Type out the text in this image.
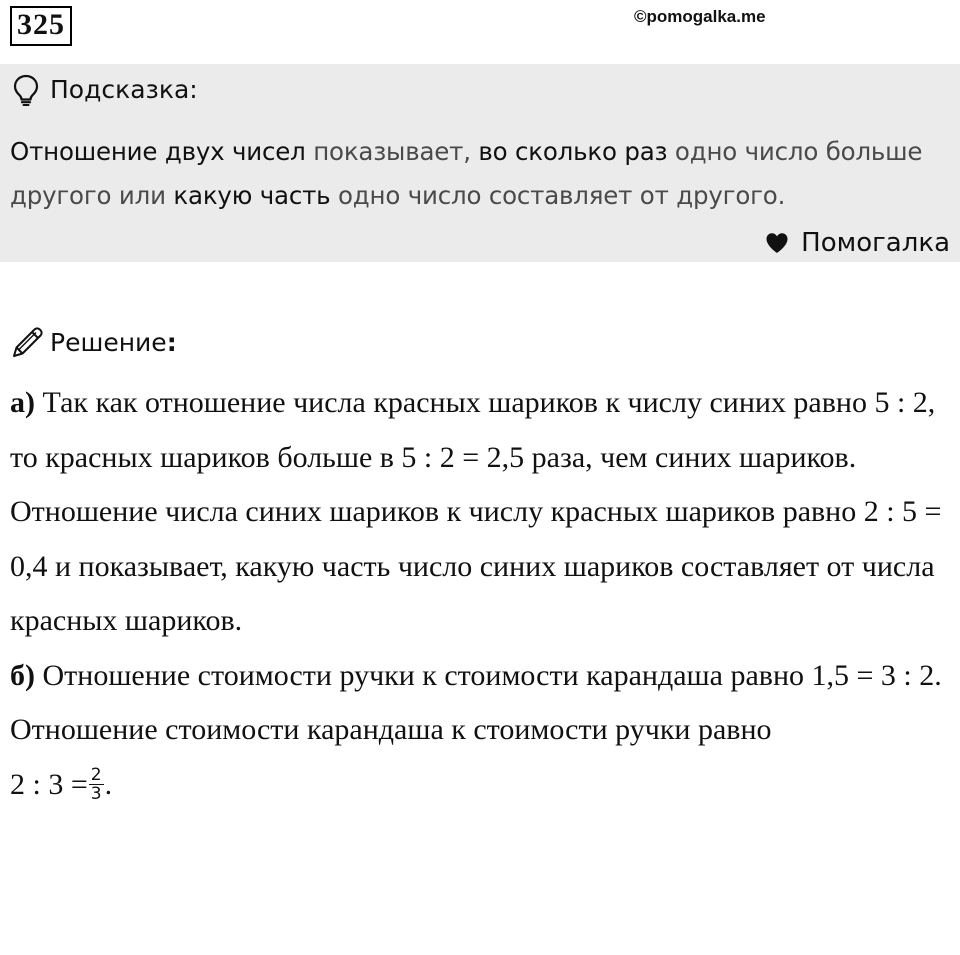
325	©pomogalka.me
Подсказка:
Отношение двух чисел показывает, во сколько раз одно число больше другого или какую часть одно число составляет от другого.
Помогалка
Решение :

а) Так как отношение числа красных шариков к числу синих равно 5 : 2, то красных шариков больше в 5 : 2 = 2,5 раза, чем синих шариков.

Отношение числа синих шариков к числу красных шариков равно 2 : 5 = 0,4 и показывает, какую часть число синих шариков составляет от числа красных шариков.

б) Отношение стоимости ручки к стоимости карандаша равно 1,5 = 3 : 2.

Отношение стоимости карандаша к стоимости ручки равно

2 : $3 = \frac{2}{3}$ .
